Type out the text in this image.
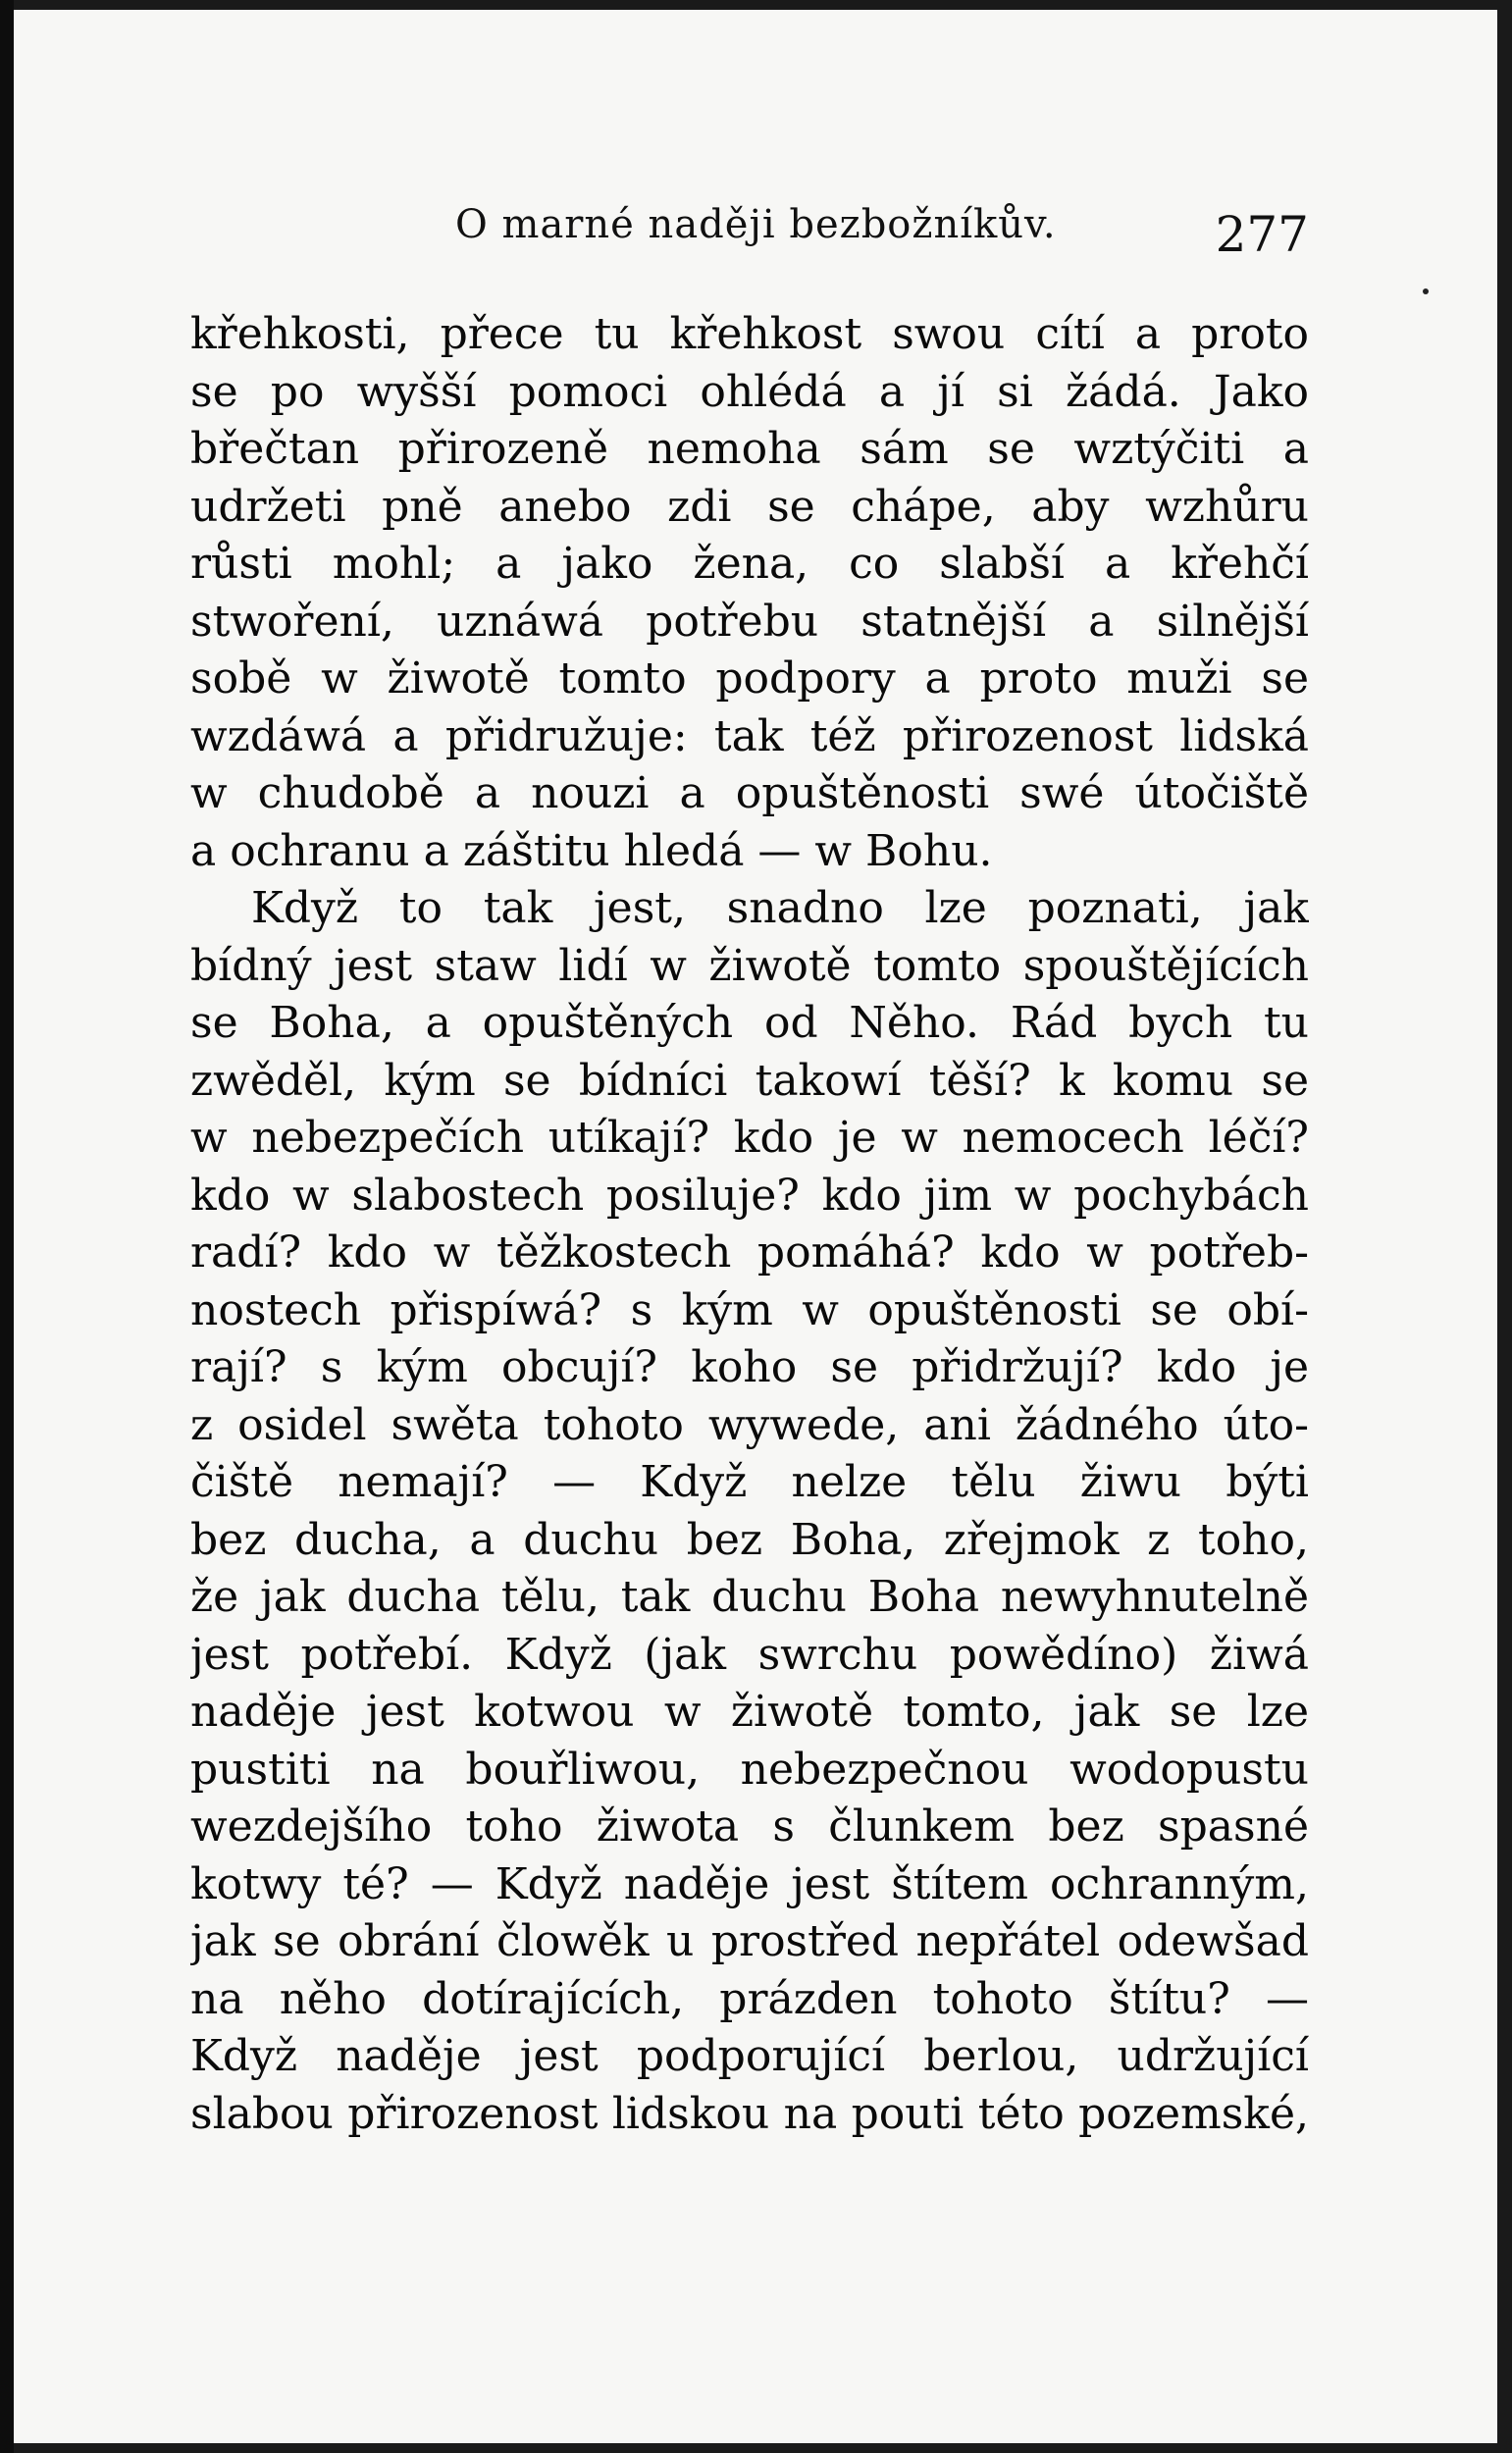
O marné naději bezbožníkův.	277
křehkosti, přece tu křehkost swou cítí a proto
se po wyšší pomoci ohlédá a jí si žádá. Jako
břečtan přirozeně nemoha sám se wztýčiti a
udržeti pně anebo zdi se chápe, aby wzhůru
růsti mohl; a jako žena, co slabší a křehčí
stwoření, uznáwá potřebu statnější a silnější
sobě w žiwotě tomto podpory a proto muži se
wzdáwá a přidružuje: tak též přirozenost lidská
w chudobě a nouzi a opuštěnosti swé útočiště
a ochranu a záštitu hledá — w Bohu.
Když to tak jest, snadno lze poznati, jak
bídný jest staw lidí w žiwotě tomto spouštějících
se Boha, a opuštěných od Něho. Rád bych tu
zwěděl, kým se bídníci takowí těší? k komu se
w nebezpečích utíkají? kdo je w nemocech léčí?
kdo w slabostech posiluje? kdo jim w pochybách
radí? kdo w těžkostech pomáhá? kdo w potřeb-
nostech přispíwá? s kým w opuštěnosti se obí-
rají? s kým obcují? koho se přidržují? kdo je
z osidel swěta tohoto wywede, ani žádného úto-
čiště nemají? — Když nelze tělu žiwu býti
bez ducha, a duchu bez Boha, zřejmok z toho,
že jak ducha tělu, tak duchu Boha newyhnutelně
jest potřebí. Když (jak swrchu powědíno) žiwá
naděje jest kotwou w žiwotě tomto, jak se lze
pustiti na bouřliwou, nebezpečnou wodopustu
wezdejšího toho žiwota s člunkem bez spasné
kotwy té? — Když naděje jest štítem ochranným,
jak se obrání člowěk u prostřed nepřátel odewšad
na něho dotírajících, prázden tohoto štítu? —
Když naděje jest podporující berlou, udržující
slabou přirozenost lidskou na pouti této pozemské,
